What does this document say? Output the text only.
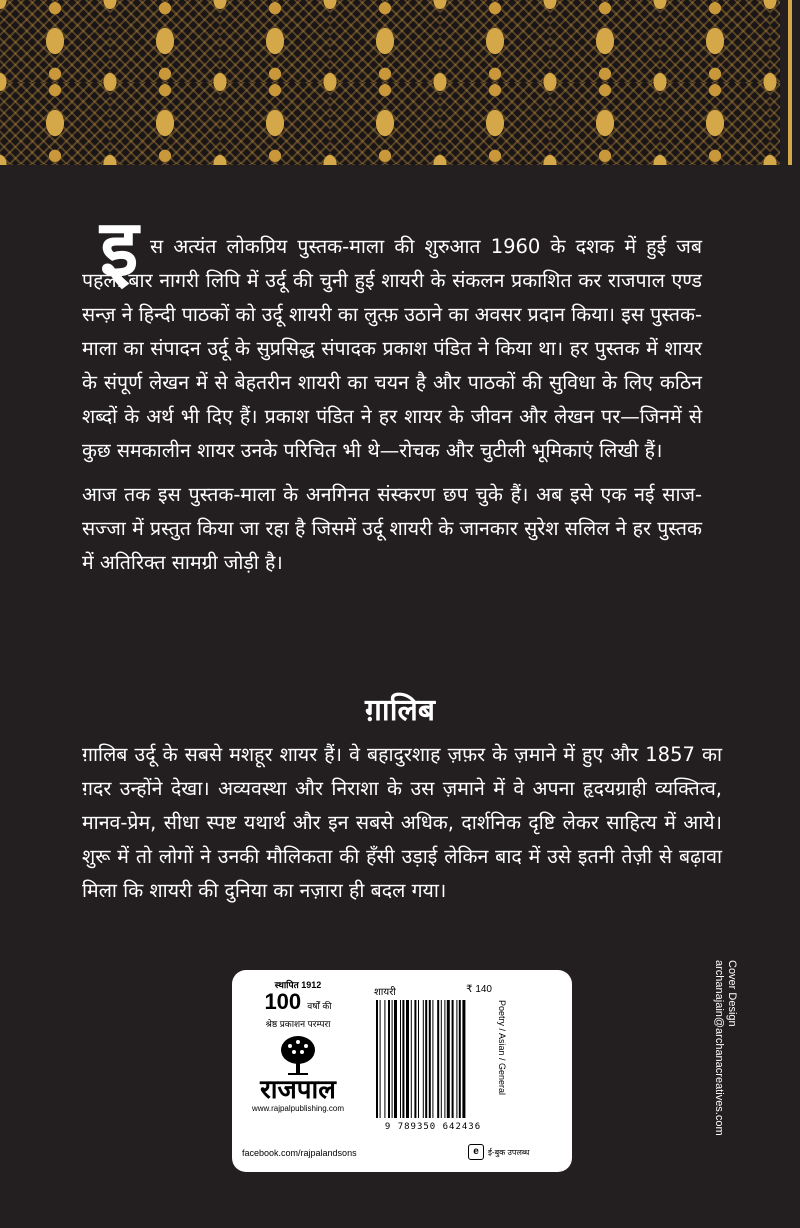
इ स अत्यंत लोकप्रिय पुस्तक-माला की शुरुआत 1960 के दशक में हुई जब पहली बार नागरी लिपि में उर्दू की चुनी हुई शायरी के संकलन प्रकाशित कर राजपाल एण्ड सन्ज़ ने हिन्दी पाठकों को उर्दू शायरी का लुत्फ़ उठाने का अवसर प्रदान किया। इस पुस्तक-माला का संपादन उर्दू के सुप्रसिद्ध संपादक प्रकाश पंडित ने किया था। हर पुस्तक में शायर के संपूर्ण लेखन में से बेहतरीन शायरी का चयन है और पाठकों की सुविधा के लिए कठिन शब्दों के अर्थ भी दिए हैं। प्रकाश पंडित ने हर शायर के जीवन और लेखन पर—जिनमें से कुछ समकालीन शायर उनके परिचित भी थे—रोचक और चुटीली भूमिकाएं लिखी हैं।

आज तक इस पुस्तक-माला के अनगिनत संस्करण छप चुके हैं। अब इसे एक नई साज-सज्जा में प्रस्तुत किया जा रहा है जिसमें उर्दू शायरी के जानकार सुरेश सलिल ने हर पुस्तक में अतिरिक्त सामग्री जोड़ी है।

ग़ालिब
ग़ालिब उर्दू के सबसे मशहूर शायर हैं। वे बहादुरशाह ज़फ़र के ज़माने में हुए और 1857 का ग़दर उन्होंने देखा। अव्यवस्था और निराशा के उस ज़माने में वे अपना हृदयग्राही व्यक्तित्व, मानव-प्रेम, सीधा स्पष्ट यथार्थ और इन सबसे अधिक, दार्शनिक दृष्टि लेकर साहित्य में आये। शुरू में तो लोगों ने उनकी मौलिकता की हँसी उड़ाई लेकिन बाद में उसे इतनी तेज़ी से बढ़ावा मिला कि शायरी की दुनिया का नज़ारा ही बदल गया।
Cover Design
archanajain@archanacreatives.com
स्थापित 1912
100 वर्षों की
श्रेष्ठ प्रकाशन परम्परा
राजपाल
www.rajpalpublishing.com
facebook.com/rajpalandsons
शायरी	₹ 140
9 789350 642436
Poetry / Asian / General
e	ई-बुक उपलब्ध
